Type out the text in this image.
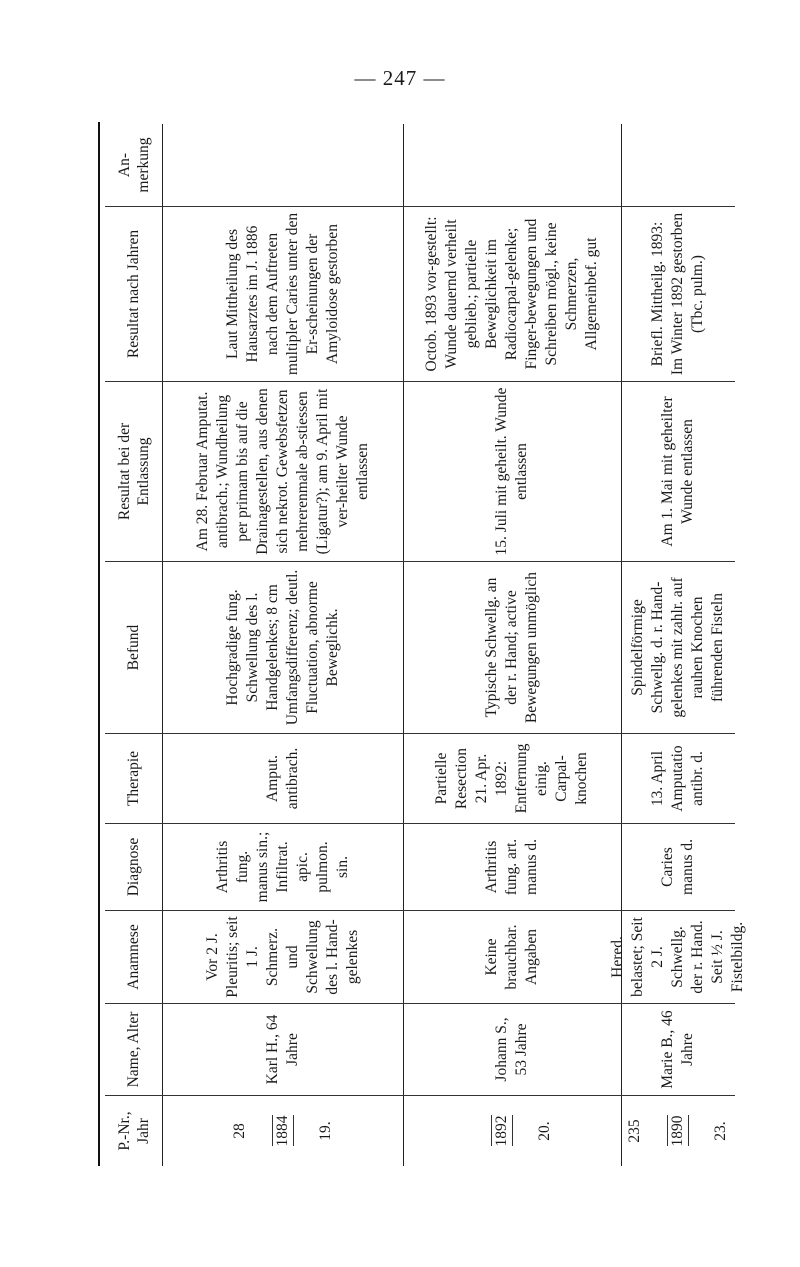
— 247 —
P.-Nr., Jahr
Name, Alter
Anamnese
Diagnose
Therapie
Befund
Resultat bei der Entlassung
Resultat nach Jahren
An-merkung

28 1884 19.

Karl H., 64 Jahre
Vor 2 J. Pleuritis; seit 1 J. Schmerz. und Schwellung des l. Hand-gelenkes
Arthritis fung. manus sin.; Infiltrat. apic. pulmon. sin.
Amput. antibrach.
Hochgradige fung. Schwellung des l. Handgelenkes; 8 cm Umfangsdifferenz; deutl. Fluctuation, abnorme Beweglichk.
Am 28. Februar Amputat. antibrach.; Wundheilung per primam bis auf die Drainagestellen, aus denen sich nekrot. Gewebsfetzen mehrerenmale ab-stiessen (Ligatur?); am 9. April mit ver-heilter Wunde entlassen
Laut Mittheilung des Hausarztes im J. 1886 nach dem Auftreten multipler Caries unter den Er-scheinungen der Amyloidose gestorben

1892 20.

Johann S., 53 Jahre
Keine brauchbar. Angaben
Arthritis fung. art. manus d.
Partielle Resection 21. Apr. 1892: Entfernung einig. Carpal-knochen
Typische Schwellg. an der r. Hand; active Bewegungen unmöglich
15. Juli mit geheilt. Wunde entlassen
Octob. 1893 vor-gestellt: Wunde dauernd verheilt geblieb.; partielle Beweglichkeit im Radiocarpal-gelenke; Finger-bewegungen und Schreiben mögl., keine Schmerzen, Allgemeinbef. gut

235 1890 23.

Marie B., 46 Jahre
Hered. belastet; Seit 2 J. Schwellg. der r. Hand. Seit ½ J. Fistelbildg.
Caries manus d.
13. April Amputatio antibr. d.
Spindelförmige Schwellg. d. r. Hand-gelenkes mit zahlr. auf rauhen Knochen führenden Fisteln
Am 1. Mai mit geheilter Wunde entlassen
Briefl. Mittheilg. 1893: Im Winter 1892 gestorben (Tbc. pulm.)
